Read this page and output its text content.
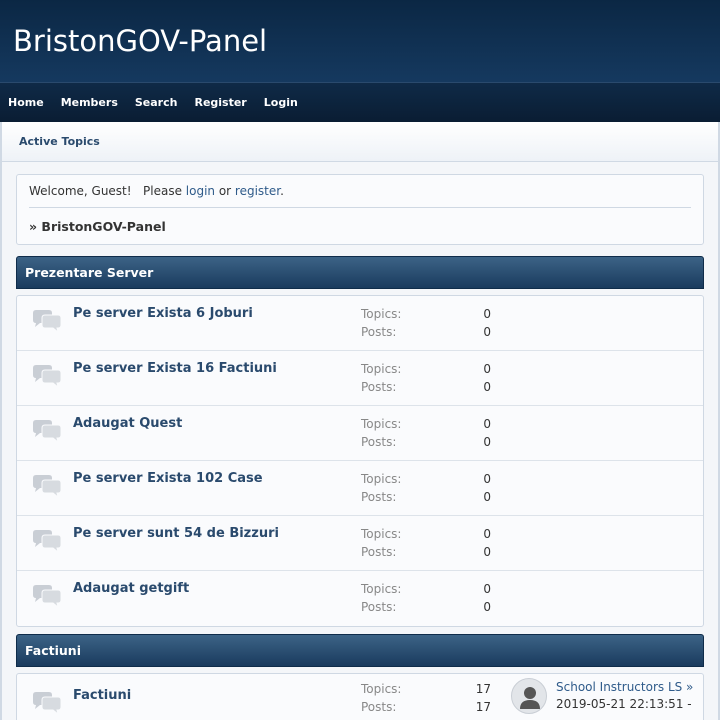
BristonGOV-Panel
Home Members Search Register Login
Active Topics
Welcome, Guest!   Please login or register.
» BristonGOV-Panel
Prezentare Server
Pe server Exista 6 Joburi	Topics:	0
Posts:	0
Pe server Exista 16 Factiuni	Topics:	0
Posts:	0
Adaugat Quest	Topics:	0
Posts:	0
Pe server Exista 102 Case	Topics:	0
Posts:	0
Pe server sunt 54 de Bizzuri	Topics:	0
Posts:	0
Adaugat getgift	Topics:	0
Posts:	0
Factiuni
Factiuni	Topics:	17
Posts:	17
School Instructors LS »
2019-05-21 22:13:51 -
